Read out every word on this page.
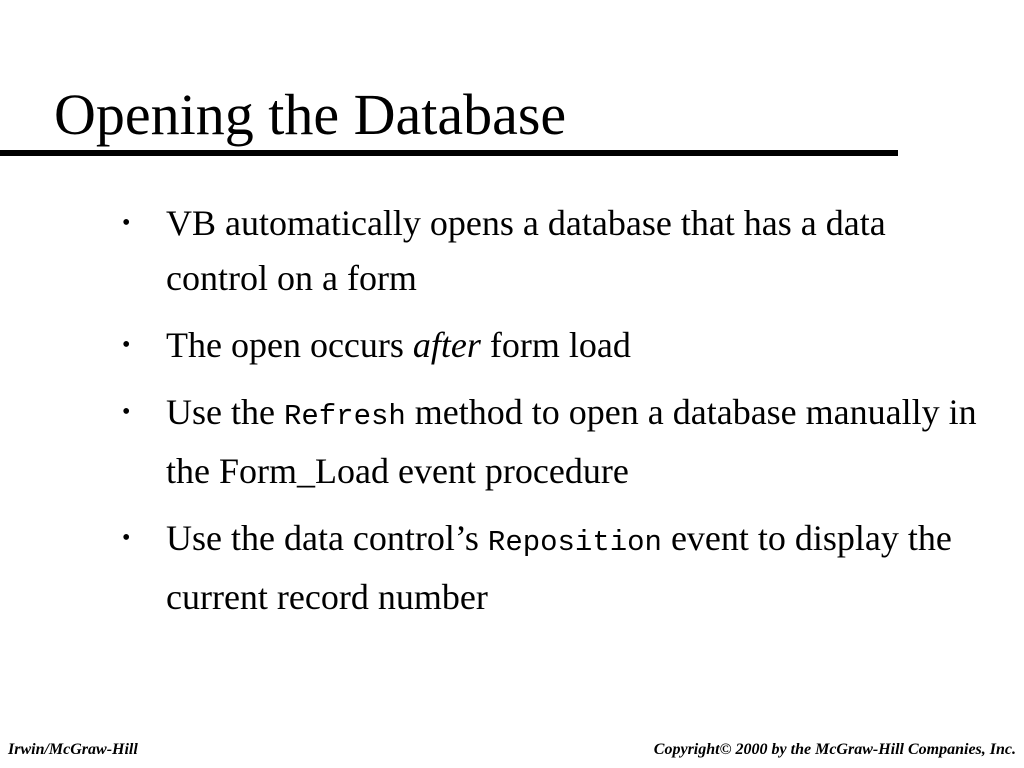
Opening the Database
• VB automatically opens a database that has a data control on a form
• The open occurs after form load
• Use the Refresh method to open a database manually in the Form_Load event procedure
• Use the data control’s Reposition event to display the current record number
Irwin/McGraw-Hill	Copyright© 2000 by the McGraw-Hill Companies, Inc.
